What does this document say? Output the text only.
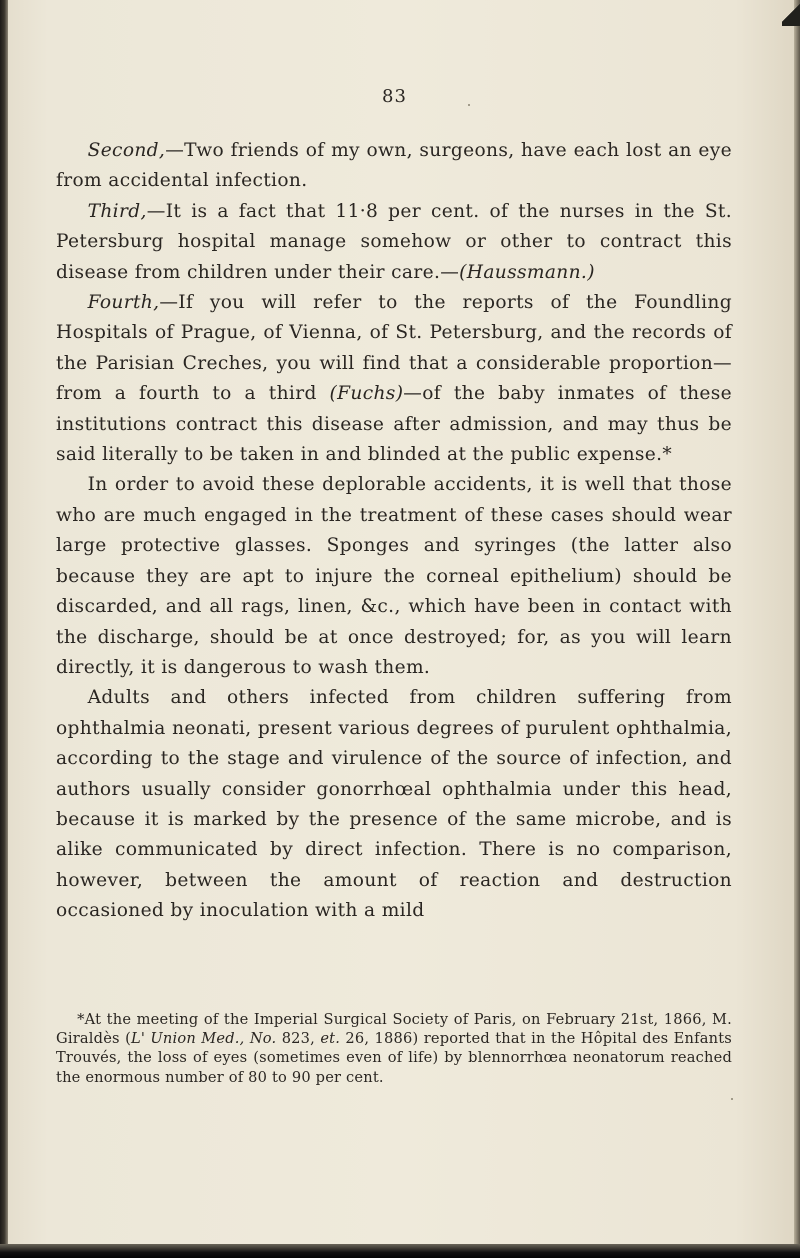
83

Second,—Two friends of my own, surgeons, have each lost an eye from accidental infection.

Third,—It is a fact that 11·8 per cent. of the nurses in the St. Petersburg hospital manage somehow or other to contract this disease from children under their care.—(Haussmann.)

Fourth,—If you will refer to the reports of the Foundling Hospitals of Prague, of Vienna, of St. Petersburg, and the records of the Parisian Creches, you will find that a considerable proportion—from a fourth to a third (Fuchs)—of the baby inmates of these institutions contract this disease after admission, and may thus be said literally to be taken in and blinded at the public expense.*

In order to avoid these deplorable accidents, it is well that those who are much engaged in the treatment of these cases should wear large protective glasses. Sponges and syringes (the latter also because they are apt to injure the corneal epithelium) should be discarded, and all rags, linen, &c., which have been in contact with the discharge, should be at once destroyed; for, as you will learn directly, it is dangerous to wash them.

Adults and others infected from children suffering from ophthalmia neonati, present various degrees of purulent ophthalmia, according to the stage and virulence of the source of infection, and authors usually consider gonorrhœal ophthalmia under this head, because it is marked by the presence of the same microbe, and is alike communicated by direct infection. There is no comparison, however, between the amount of reaction and destruction occasioned by inoculation with a mild

*At the meeting of the Imperial Surgical Society of Paris, on February 21st, 1866, M. Giraldès (L' Union Med., No. 823, et. 26, 1886) reported that in the Hôpital des Enfants Trouvés, the loss of eyes (sometimes even of life) by blennorrhœa neonatorum reached the enormous number of 80 to 90 per cent.
